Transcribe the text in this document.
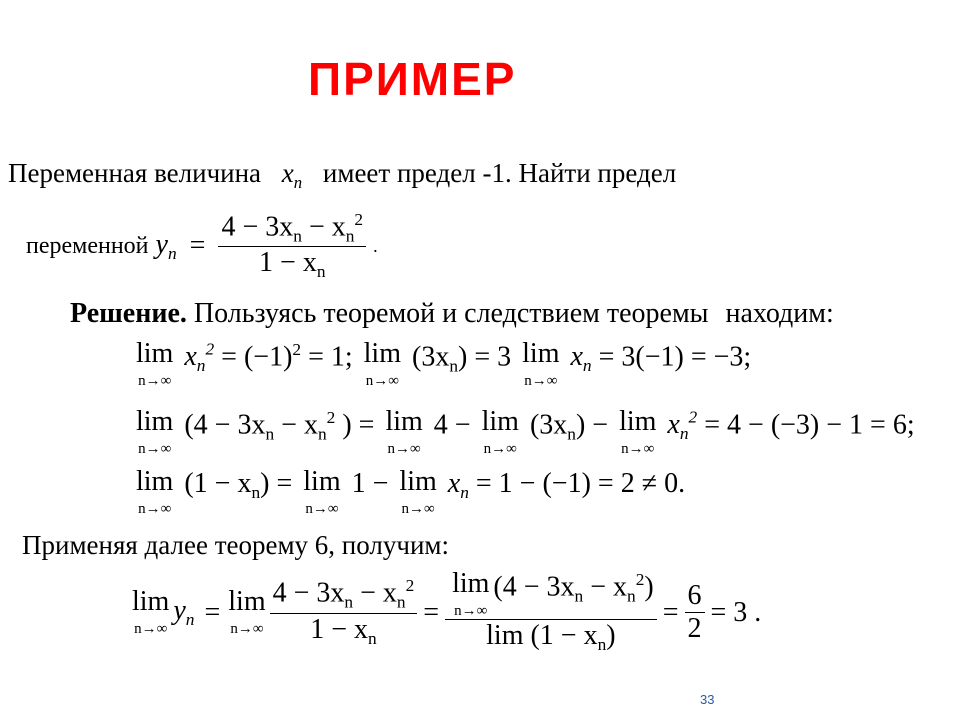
ПРИМЕР
Переменная величина $x_n$ имеет предел -1. Найти предел
переменной $y_n = \frac{4 - 3x_n - x_n^2}{1 - x_n}$ .
Решение. Пользуясь теоремой и следствием теоремы находим:
lim
n→∞
$x_n^2 = (-1)^2 = 1$; lim
n→∞
$(3x_n) = 3$ lim
n→∞
$x_n = 3(-1) = -3$;
lim
n→∞
($4 - 3x_n - x_n^2$ ) = lim
n→∞
4 − lim
n→∞
$(3x_n) - \lim$
n→∞
$x_n^2 = 4 - (-3) - 1 = 6$;
lim
n→∞
$(1 - x_n) = \lim$
n→∞
1 − lim
n→∞
$x_n = 1 - (-1) = 2 \ne 0$.
Применяя далее теорему 6, получим:
lim
n→∞
$y_n = \lim$
$n\to\infty \frac{4 - 3x_n - x_n^2}{1 - x_n} = \lim$
n→∞
$(4 - 3x_n - x_n^2)$
$\lim (1 - x_n) = \frac{6}{2} = 3$ .
33
